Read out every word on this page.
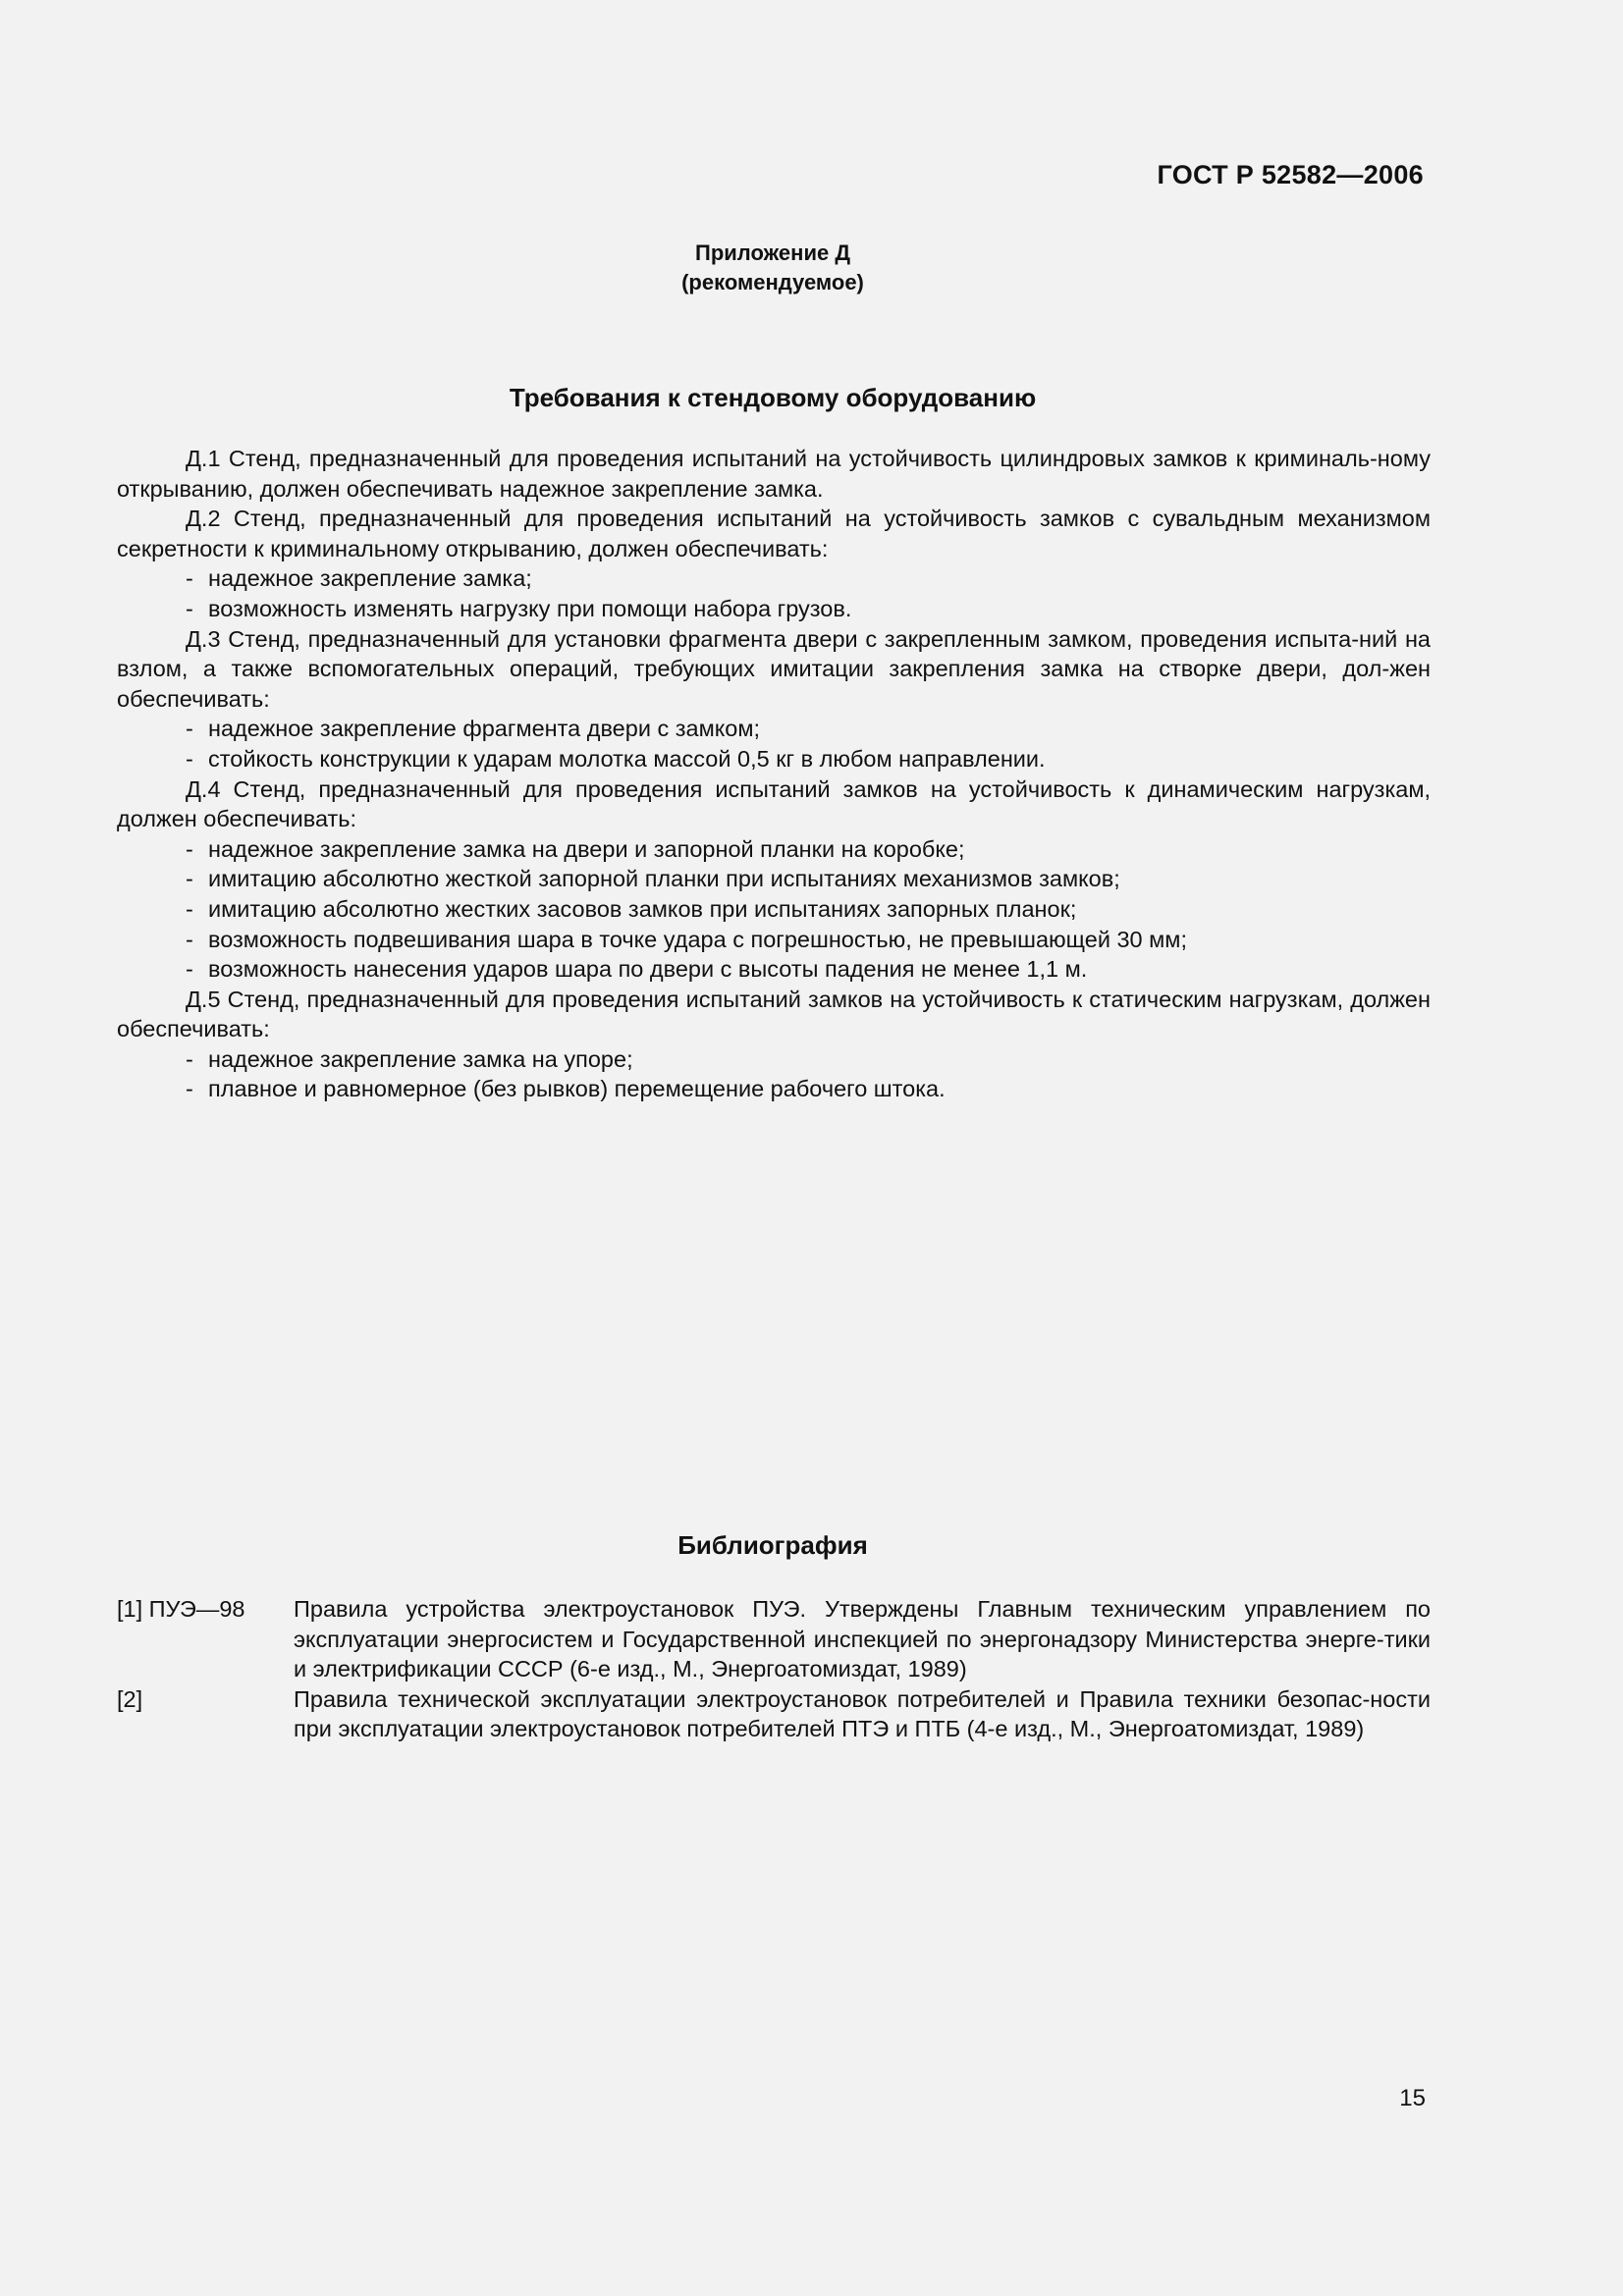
ГОСТ Р 52582—2006
Приложение Д
(рекомендуемое)
Требования к стендовому оборудованию

Д.1 Стенд, предназначенный для проведения испытаний на устойчивость цилиндровых замков к криминаль-ному открыванию, должен обеспечивать надежное закрепление замка.

Д.2 Стенд, предназначенный для проведения испытаний на устойчивость замков с сувальдным механизмом секретности к криминальному открыванию, должен обеспечивать:

- надежное закрепление замка;

- возможность изменять нагрузку при помощи набора грузов.

Д.3 Стенд, предназначенный для установки фрагмента двери с закрепленным замком, проведения испыта-ний на взлом, а также вспомогательных операций, требующих имитации закрепления замка на створке двери, дол-жен обеспечивать:

- надежное закрепление фрагмента двери с замком;

- стойкость конструкции к ударам молотка массой 0,5 кг в любом направлении.

Д.4 Стенд, предназначенный для проведения испытаний замков на устойчивость к динамическим нагрузкам, должен обеспечивать:

- надежное закрепление замка на двери и запорной планки на коробке;

- имитацию абсолютно жесткой запорной планки при испытаниях механизмов замков;

- имитацию абсолютно жестких засовов замков при испытаниях запорных планок;

- возможность подвешивания шара в точке удара с погрешностью, не превышающей 30 мм;

- возможность нанесения ударов шара по двери с высоты падения не менее 1,1 м.

Д.5 Стенд, предназначенный для проведения испытаний замков на устойчивость к статическим нагрузкам, должен обеспечивать:

- надежное закрепление замка на упоре;

- плавное и равномерное (без рывков) перемещение рабочего штока.

Библиография
[1] ПУЭ—98	Правила устройства электроустановок ПУЭ. Утверждены Главным техническим управлением по эксплуатации энергосистем и Государственной инспекцией по энергонадзору Министерства энерге-тики и электрификации СССР (6-е изд., М., Энергоатомиздат, 1989)
[2]	Правила технической эксплуатации электроустановок потребителей и Правила техники безопас-ности при эксплуатации электроустановок потребителей ПТЭ и ПТБ (4-е изд., М., Энергоатомиздат, 1989)
15
